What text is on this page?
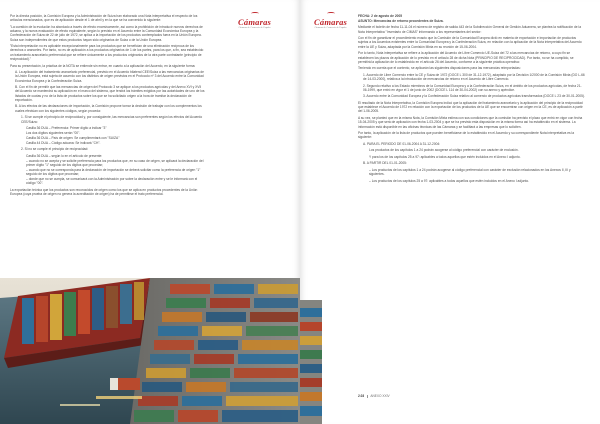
Por la directa posición, la Comisión Europea y la Administración de Suiza han elaborado una Nota interpretativa el respecto de los artículos mencionados, que es de aplicación desde el 1 de abril y en la que se ha convenido lo siguiente:

"La cuestión de la evolución ha abordado a través de efecto excesivamente, así como la prohibición de introducir nuevos derechos de aduana, y la nueva evaluación de efecto equivalente, según lo previsto en el Acuerdo entre la Comunidad Económica Europea y la Confederación de Suiza de 22 de julio de 1972, se aplica a la importación de los productos contemplados fuera en la Unión Europea. Suiza son independientes de que estos productos hayan sido originarios de Suiza o de la Unión Europea.

"Esta interpretación no es aplicable excepcionalmente para los productos que se benefician de una eliminación recíproca de los derechos o aranceles. Por tanto, no es de aplicación a los productos originarios de 1 de los partes, para los que, a fin, sea establecido un tratamiento arancelario preferencial que se refiere únicamente a los productos originarios de la otra parte contratante (principio de reciprocidad)."

Para su presentación, la práctica de la NOTA se entiende sin entrar, en cuanto a la aplicación del Acuerdo, en la siguiente forma:

A. La aplicación del tratamiento arancelario preferencial, previsto en el Acuerdo bilateral CEE/Suiza a las mercancías originarias de la Unión Europea, está sujeta de acuerdo con los distintos de origen previstos en el Protocolo nº 3 del Acuerdo entre la Comunidad Económica Europea y la Confederación Suiza.

B. Con el fin de permitir que las mercancías de origen del Protocolo 3 se aplique a los productos agrícolas y del Anexo XVI y XVII del Acuerdo se mantendrá su aplicación en el marco del sistema, que tendrá los trámites exigidos por las autoridades de uno de los listados de cuotas y no de la lista de productos sobre los que se ha solicitado origen a la hora de tramitar la declaración de exportación.

B. A los efectos de las declaraciones de importación, la Comisión propone tomar la decisión de trabajar con los complementos los cuales efectúan con los siguientes códigos, según proceda:

1. Si se cumple el principio de reciprocidad y, por consiguiente, las mercancías son preferentes según los efectos del Acuerdo CEE/Suiza:

Casilla 36 DUA – Preferencia: Primer dígito a indicar "3"

Los dos dígitos siguientes serán "00".

Casilla 36 DUA – País de origen: Se cumplimentará con "SUIZA"

Casilla 44 DUA – Código aduana: Se indicará "CH".

2. Si no se cumple el principio de reciprocidad:

Casilla 36 DUA – según lo en el artículo de presente:

– cuando no se acepta y se solicite preferencia para los productos que, en su caso de origen, se aplicará la declaración del primer dígito "1" seguido de los dígitos que procedan;

– cuando que no se corresponda para la declaración de importación se deberá solicitar como la preferencia de origen "1" seguido de los dígitos que procedan;

– donde que no se cumpla, se comunicará con la Administración por sobre la declaración entre y se le informará con el código "00".

La exportación teórica que los productos son reconocidos de origen como los que se aplica en productos procedentes de la Unión Europea (cuya prueba de origen no genera la acreditación de origen) ha de permitirse el trato preferencial.

Cámaras
Cámaras de Comercio de España
Cámaras
Cámaras de Comercio de España

FECHA: 2 de agosto de 2005

ASUNTO: Mercancías de retorno procedentes de Suiza.

Mediante el boletín de fecha 11-11-04 el número de registro de salida 443 de la Subdirección General de Gestión Aduanera, se plantea la notificación de la Nota Interpretativa "Inventario de CIMAS" informando a los representantes del sector:

Con el fin de garantizar el procedimiento exacto que la Comisión de la Comunidad Europea dictó en materia de exportación e importación de productos sujetos a los Acuerdos existentes entre la Comunidad Europea y la Confederación Suiza, en relación con la aplicación de la Nota interpretativa del Acuerdo entre la UE y Suiza, adaptada por la Comisión Mixta en su reunión de 15-06-2004.

Por lo tanto, Nota interpretativa se refiere a la aplicación del Acuerdo de Libre Comercio UE-Suiza del 72 a las mercancías de retorno, a cuyo fin se establecen los plazos de aplicación de lo previsto en el artículo 28 de dicha Nota (PRINCIPIO DE RECIPROCIDAD). Por tanto, no se ha cumplido, se permitirá la aplicación de lo establecido en el artículo 26 del Acuerdo, conforme a la siguiente práctica operativa:

Teniendo en cuenta que el contexto, se aplicarán las siguientes disposiciones para las mercancías reimportadas:

1. Acuerdo de Libre Comercio entre la CE y Suiza de 1972 (DOCE L 300 de 31-12-1972), adaptado por la Decisión 1/2000 de la Comisión Mixta (DO L-66 de 14-03-2000), relativa a la introducción de mercancías de retorno en el Acuerdo de Libre Comercio.

2. Segundo relativo a los Estado miembros de la Comunidad Europea y a la Confederación Suiza, en el ámbito de los productos agrícolas, de fecha 21-06-1999, que entró en vigor el 1 de junio de 2002 (DOCE L 114 de 30-04-2002) con su anexo y apéndice.

3. Acuerdo entre la Comunidad Europea y la Confederación Suiza relativo al comercio de productos agrícolas transformados (DOCE L 23 de 30-01-2005).

El resultado de la Nota Interpretativa, la Comisión Europea indicó que la aplicación del tratamiento arancelario y la aplicación del principio de la reciprocidad que establece el Acuerdo de 1972 en relación con la exportación de los productos de la UE que se encuentran con origen en la CE, es de aplicación a partir del 1-06-2005.

A su vez, se planteó que en la misma Nota, la Comisión Mixta estima con sus condiciones que la comisión ha previsto el plazo que entró en vigor con fecha 15-04-2005 y que será de aplicación con fecha 1-03-2004 y que se ha previsto esta disposición en la misma forma así ha establecido en el sistema. La información está disponible en las oficinas técnicas de las Cámaras y se facilitará a las empresas que lo soliciten.

Por tanto, la aplicación de la lista de productos que pueden beneficiarse de lo establecido en el Acuerdo y su correspondiente Nota interpretativa es la siguiente:

A. PARA EL PERIODO DE 01-06-2004 A 31-12-2004:

Los productos de los capítulos 1 a 24 podrán acogerse al código preferencial con carácter de exclusión.

Y para los de los capítulos 25 a 97: aplicables a todos aquellos que estén incluidos en el Anexo I adjunto.

B. A PARTIR DEL 01-01-2005:

– Los productos de los capítulos 1 a 24 podrán acogerse al código preferencial con carácter de exclusión relacionados en los Anexos II, III y siguientes.

– Los productos de los capítulos 25 a 97: aplicables a todos aquellos que estén incluidos en el Anexo I adjunto.

2.03 ANEXO XXIV
